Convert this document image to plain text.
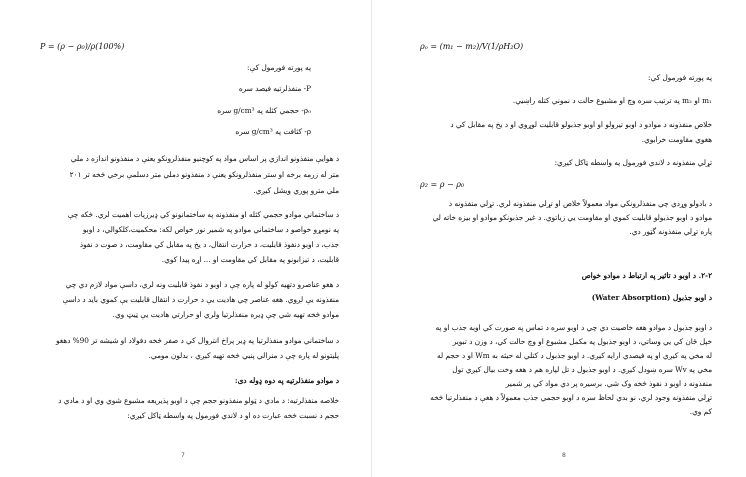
P = (ρ − ρ₀)/ρ(100%)
په پورته فورمول کې:
P- منفذلرتيه فيصد سره
ρ₀- حجمي كثله په g/cm³ سره
ρ- كثافت په g/cm³ سره
د هوایې منفذونو اندازي پر اساس مواد په کوچنيو منفذلرونکو يعنې د منفذونو اندازه د ملي
متر له زرمه برخه او ستر منفذلرونکو يعنې د منفذونو دملي متر دسلمې برخي څخه تر ۲۰۱
ملي مترو پوري ويشل کيږي.
د ساختماني موادو حجمي كثله او منفذونه په ساختمانونو کي ډيرزيات اهميت لري. څکه چې
په نومړو خواصو د ساختماني موادو په شمير نور خواص لکه: محکميت،کلکوالي، د اوبو
جذب، د اوبو دنفوذ قابليت، د حرارت انتقال، د يخ په مقابل کي مقاومت، د صوت د نفوذ
قابليت، د تيزابونو په مقابل کي مقاومت او ... اړه پيدا کوي.
د هغو عناصرو دتهيه کولو له پاره چې د اوبو د نفوذ قابليت ونه لري، داسې مواد لازم دي چي
منفذونه يې لږوي. هغه عناصر چي هاديت يې د حرارت د انتقال قابليت يې کموي بايد د داسې
موادو څخه تهيه شي چې ډيره منفذلرتيا ولري او حرارتي هاديت يې ټيټ وي.
د ساختماني موادو منفذلرتيا په ډير پراخ انتروال کي د صفر څخه دفولاد او شيشه تر 90% دهغو
پليتونو له پاره چې د منرالي پنبي څخه تهيه کيږي ، بدلون مومي.
د موادو منفذلرتيه په دوه ډوله دی:
خلاصه منفذلرتيه: د مادي د ټولو منفذونو حجم چې د اوبو پذيريعه مشبوع شوي وي او د مادي د
حجم د نسبت څخه عبارت ده او د لاندي فورمول په واسطه ټاكل كيږي:
7
ρₒ = (m₁ − m₂)/V(1/ρH₂O)
په پورته فورمول کي:
m₁ او m₂ په ترتيب سره وچ او مشبوع حالت د نموني كتله راښيي.
خلاص منفذونه د موادو د اوبو تيرولو او اوبو جذبولو قابليت لوړوي او د يخ په مقابل کي د
هغوي مقاومت خرابوي.
تړلي منفذونه د لاندي فورمول په واسطه ټاكل كيږي:
ρ₂ = ρ − ρ₀
د بادولو وړدي چي منفذلرونکي مواد معمولاً خلاص او تړلي منفذونه لري. تړلي منفذونه د
موادو د اوبو جذبولو قابليت کموي او مقاومت يي زياتوي. د غير جذبونکو موادو او بيزه خاته لي
پاره تړلي منفذونه گټور دي.
۲-۲. د اوبو د تاثير په ارتباط د موادو خواص
د اوبو جذبول (Water Absorption)
د اوبو جذبول د موادو هغه خاصيت دي چي د اوبو سره د تماس په صورت کي اوبه جذب او په
خپل ځان کي يي وساتي، د اوبو جذبول په مکمل مشبوع او وچ حالت کي، د وزن د تبوير
له مخي په کيږي او په فيصدي ارايه کيږي. د اوبو جذبول د کتلي له حيثه به Wm او د حجم له
مخي په Wv سره ښودل کيږي. د اوبو جذبول د تل لپاره هم د هغه وخت بيال کيږي تول
منفذونه د اوبو د نفوذ څخه وک شي. برسيره پر دي مواد کي پر شمير
تړلي منفذونه وجود لري، نو بدي لحاظ سره د اوبو حجمي جذب معمولاً د هغې د منفذلرتيا څخه
کم وي.
8
